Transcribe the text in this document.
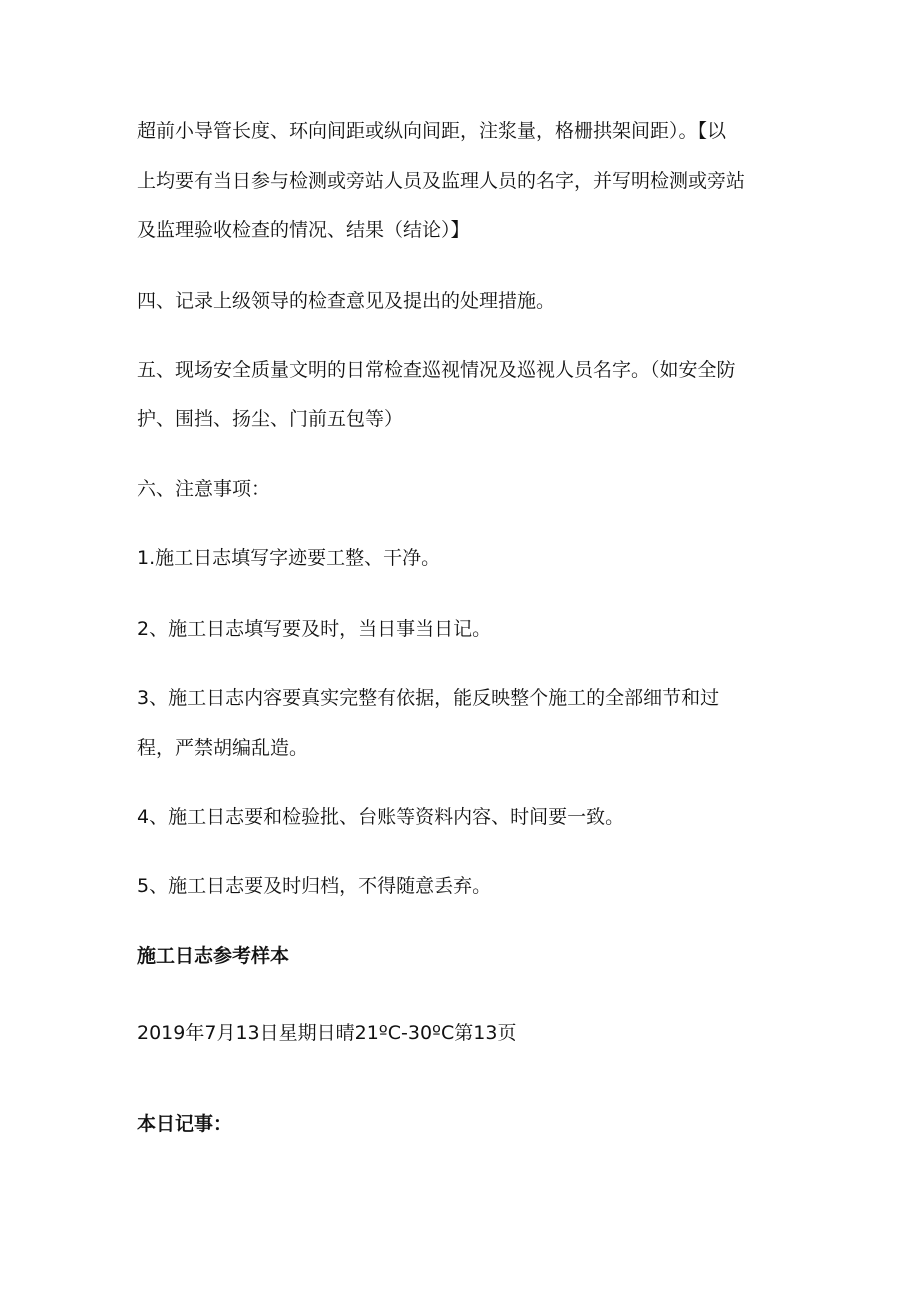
超前小导管长度、环向间距或纵向间距，注浆量，格栅拱架间距）。【以
上均要有当日参与检测或旁站人员及监理人员的名字，并写明检测或旁站
及监理验收检查的情况、结果（结论）】
四、记录上级领导的检查意见及提出的处理措施。
五、现场安全质量文明的日常检查巡视情况及巡视人员名字。（如安全防
护、围挡、扬尘、门前五包等）
六、注意事项：
1.施工日志填写字迹要工整、干净。
2、施工日志填写要及时，当日事当日记。
3、施工日志内容要真实完整有依据，能反映整个施工的全部细节和过
程，严禁胡编乱造。
4、施工日志要和检验批、台账等资料内容、时间要一致。
5、施工日志要及时归档，不得随意丢弃。
施工日志参考样本
2019年7月13日星期日晴21ºC-30ºC第13页
本日记事：
